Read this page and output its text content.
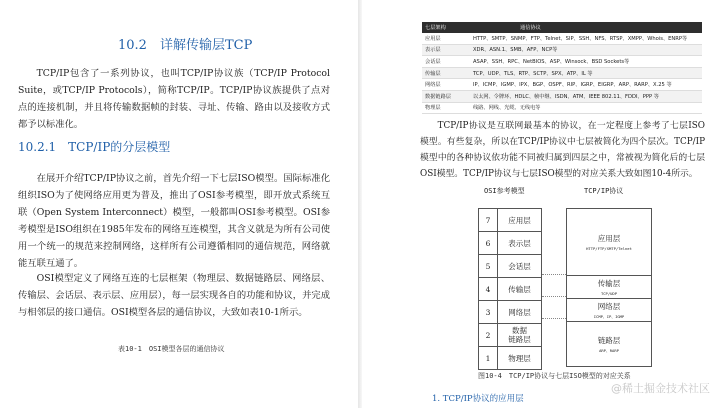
10.2　详解传输层TCP

TCP/IP包含了一系列协议，也叫TCP/IP协议族（TCP/IP Protocol Suite，或TCP/IP Protocols），简称TCP/IP。TCP/IP协议族提供了点对点的连接机制，并且将传输数据帧的封装、寻址、传输、路由以及接收方式都予以标准化。

10.2.1　TCP/IP的分层模型

在展开介绍TCP/IP协议之前，首先介绍一下七层ISO模型。国际标准化组织ISO为了使网络应用更为普及，推出了OSI参考模型，即开放式系统互联（Open System Interconnect）模型，一般都叫OSI参考模型。OSI参考模型是ISO组织在1985年发布的网络互连模型，其含义就是为所有公司使用一个统一的规范来控制网络，这样所有公司遵循相同的通信规范，网络就能互联互通了。

OSI模型定义了网络互连的七层框架（物理层、数据链路层、网络层、传输层、会话层、表示层、应用层），每一层实现各自的功能和协议，并完成与相邻层的接口通信。OSI模型各层的通信协议，大致如表10-1所示。

表10-1　OSI模型各层的通信协议
七层架构	通信协议
应用层	HTTP、SMTP、SNMP、FTP、Telnet、SIP、SSH、NFS、RTSP、XMPP、Whois、ENRP等
表示层	XDR、ASN.1、SMB、AFP、NCP等
会话层	ASAP、SSH、RPC、NetBIOS、ASP、Winsock、BSD Sockets等
传输层	TCP、UDP、TLS、RTP、SCTP、SPX、ATP、IL 等
网络层	IP、ICMP、IGMP、IPX、BGP、OSPF、RIP、IGRP、EIGRP、ARP、RARP、X.25 等
数据链路层	以太网、令牌环、HDLC、帧中继、ISDN、ATM、IEEE 802.11、FDDI、PPP 等
物理层	线路、网线、光缆、无线电等

TCP/IP协议是互联网最基本的协议，在一定程度上参考了七层ISO模型。有些复杂，所以在TCP/IP协议中七层被简化为四个层次。TCP/IP模型中的各种协议依功能不同被归属到四层之中，常被视为简化后的七层OSI模型。TCP/IP协议与七层ISO模型的对应关系大致如图10-4所示。

OSI参考模型	TCP/IP协议
7	应用层
6	表示层
5	会话层
4	传输层
3	网络层
2	数据
链路层
1	物理层
应用层
HTTP/FTP/SMTP/Telnet
传输层
TCP/UDP
网络层
ICMP、IP、IGMP
链路层
ARP、RARP
图10-4　TCP/IP协议与七层ISO模型的对应关系
1. TCP/IP协议的应用层
@稀土掘金技术社区
